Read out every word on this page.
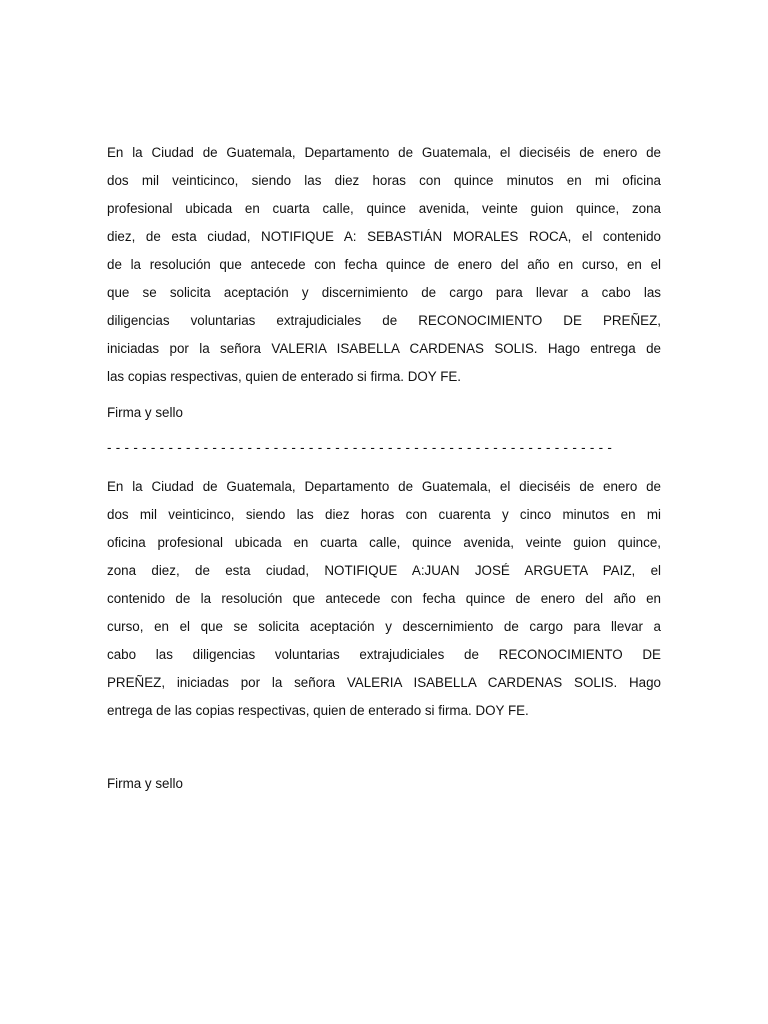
En la Ciudad de Guatemala, Departamento de Guatemala, el dieciséis de enero de
dos mil veinticinco, siendo las diez horas con quince minutos en mi oficina
profesional ubicada en cuarta calle, quince avenida, veinte guion quince, zona
diez, de esta ciudad, NOTIFIQUE A: SEBASTIÁN MORALES ROCA, el contenido
de la resolución que antecede con fecha quince de enero del año en curso, en el
que se solicita aceptación y discernimiento de cargo para llevar a cabo las
diligencias voluntarias extrajudiciales de RECONOCIMIENTO DE PREÑEZ,
iniciadas por la señora VALERIA ISABELLA CARDENAS SOLIS. Hago entrega de
las copias respectivas, quien de enterado si firma. DOY FE.
Firma y sello
- - - - - - - - - - - - - - - - - - - - - - - - - - - - - - - - - - - - - - - - - - - - - - - - - - - - - - - - - -
En la Ciudad de Guatemala, Departamento de Guatemala, el dieciséis de enero de
dos mil veinticinco, siendo las diez horas con cuarenta y cinco minutos en mi
oficina profesional ubicada en cuarta calle, quince avenida, veinte guion quince,
zona diez, de esta ciudad, NOTIFIQUE A:JUAN JOSÉ ARGUETA PAIZ, el
contenido de la resolución que antecede con fecha quince de enero del año en
curso, en el que se solicita aceptación y descernimiento de cargo para llevar a
cabo las diligencias voluntarias extrajudiciales de RECONOCIMIENTO DE
PREÑEZ, iniciadas por la señora VALERIA ISABELLA CARDENAS SOLIS. Hago
entrega de las copias respectivas, quien de enterado si firma. DOY FE.
Firma y sello
